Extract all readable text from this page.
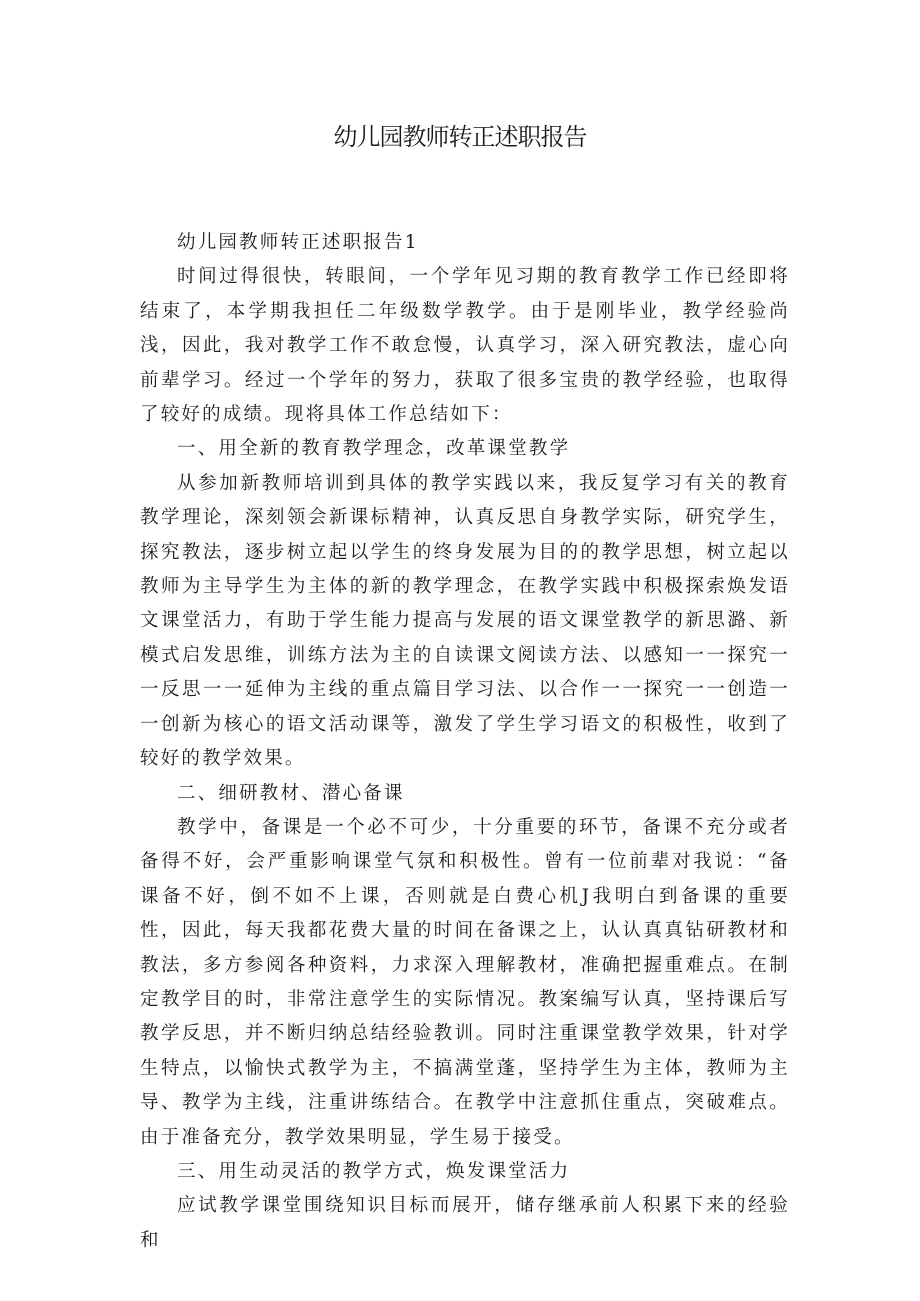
幼儿园教师转正述职报告

幼儿园教师转正述职报告1

时间过得很快，转眼间，一个学年见习期的教育教学工作已经即将结束了，本学期我担任二年级数学教学。由于是刚毕业，教学经验尚浅，因此，我对教学工作不敢怠慢，认真学习，深入研究教法，虚心向前辈学习。经过一个学年的努力，获取了很多宝贵的教学经验，也取得了较好的成绩。现将具体工作总结如下：

一、用全新的教育教学理念，改革课堂教学

从参加新教师培训到具体的教学实践以来，我反复学习有关的教育教学理论，深刻领会新课标精神，认真反思自身教学实际，研究学生，探究教法，逐步树立起以学生的终身发展为目的的教学思想，树立起以教师为主导学生为主体的新的教学理念，在教学实践中积极探索焕发语文课堂活力，有助于学生能力提高与发展的语文课堂教学的新思潞、新模式启发思维，训练方法为主的自读课文阅读方法、以感知一一探究一一反思一一延伸为主线的重点篇目学习法、以合作一一探究一一创造一一创新为核心的语文活动课等，激发了学生学习语文的积极性，收到了较好的教学效果。

二、细研教材、潜心备课

教学中，备课是一个必不可少，十分重要的环节，备课不充分或者备得不好，会严重影响课堂气氛和积极性。曾有一位前辈对我说：“备课备不好，倒不如不上课，否则就是白费心机J我明白到备课的重要性，因此，每天我都花费大量的时间在备课之上，认认真真钻研教材和教法，多方参阅各种资料，力求深入理解教材，准确把握重难点。在制定教学目的时，非常注意学生的实际情况。教案编写认真，坚持课后写教学反思，并不断归纳总结经验教训。同时注重课堂教学效果，针对学生特点，以愉快式教学为主，不搞满堂蓬，坚持学生为主体，教师为主导、教学为主线，注重讲练结合。在教学中注意抓住重点，突破难点。由于准备充分，教学效果明显，学生易于接受。

三、用生动灵活的教学方式，焕发课堂活力

应试教学课堂围绕知识目标而展开，储存继承前人积累下来的经验和
